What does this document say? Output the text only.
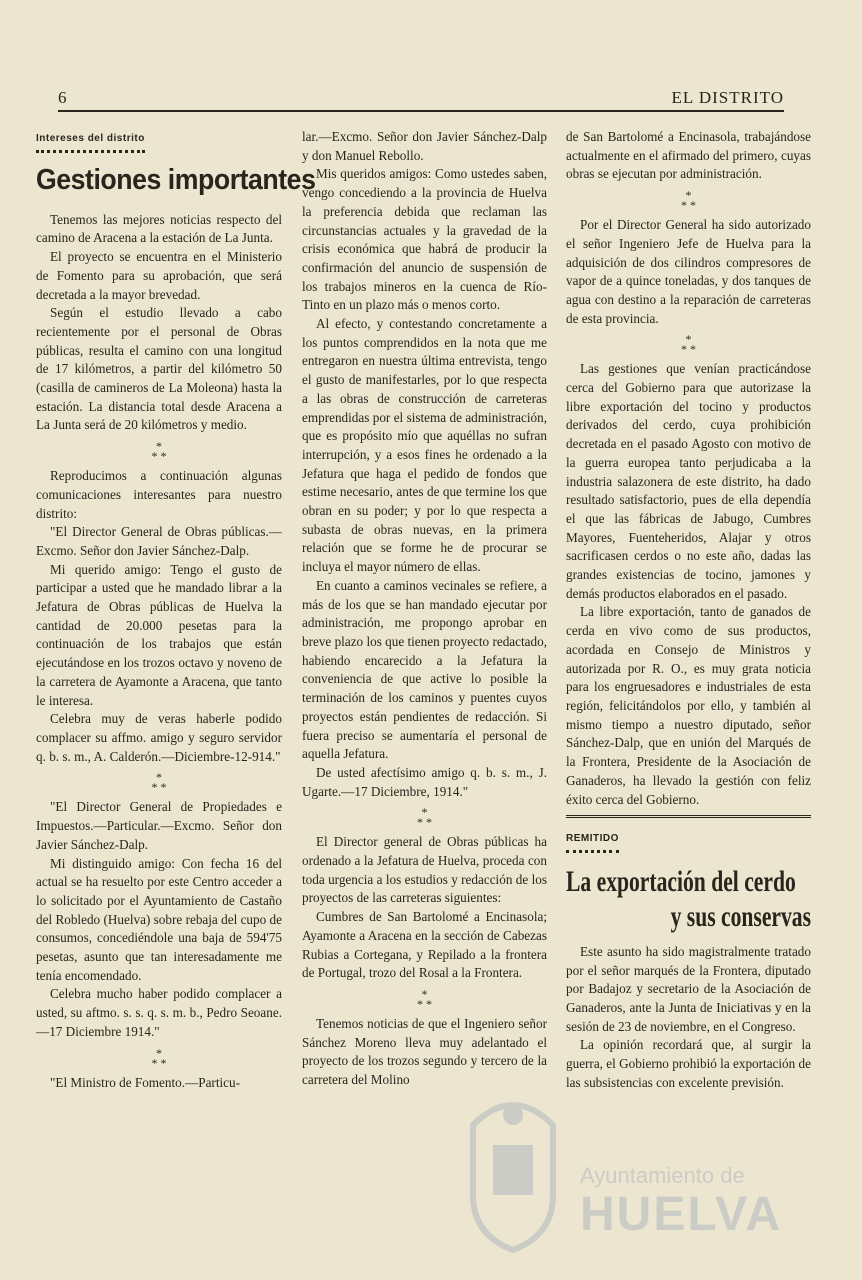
6	EL DISTRITO
Intereses del distrito
Gestiones importantes

Tenemos las mejores noticias respecto del camino de Aracena a la estación de La Junta.

El proyecto se encuentra en el Ministerio de Fomento para su aprobación, que será decretada a la mayor brevedad.

Según el estudio llevado a cabo recientemente por el personal de Obras públicas, resulta el camino con una longitud de 17 kilómetros, a partir del kilómetro 50 (casilla de camineros de La Moleona) hasta la estación. La distancia total desde Aracena a La Junta será de 20 kilómetros y medio.

*
* *

Reproducimos a continuación algunas comunicaciones interesantes para nuestro distrito:

"El Director General de Obras públicas.—Excmo. Señor don Javier Sánchez-Dalp.

Mi querido amigo: Tengo el gusto de participar a usted que he mandado librar a la Jefatura de Obras públicas de Huelva la cantidad de 20.000 pesetas para la continuación de los trabajos que están ejecutándose en los trozos octavo y noveno de la carretera de Ayamonte a Aracena, que tanto le interesa.

Celebra muy de veras haberle podido complacer su affmo. amigo y seguro servidor q. b. s. m., A. Calderón.—Diciembre-12-914."

*
* *

"El Director General de Propiedades e Impuestos.—Particular.—Excmo. Señor don Javier Sánchez-Dalp.

Mi distinguido amigo: Con fecha 16 del actual se ha resuelto por este Centro acceder a lo solicitado por el Ayuntamiento de Castaño del Robledo (Huelva) sobre rebaja del cupo de consumos, concediéndole una baja de 594'75 pesetas, asunto que tan interesadamente me tenía encomendado.

Celebra mucho haber podido complacer a usted, su aftmo. s. s. q. s. m. b., Pedro Seoane.—17 Diciembre 1914."

*
* *

"El Ministro de Fomento.—Particu-

lar.—Excmo. Señor don Javier Sánchez-Dalp y don Manuel Rebollo.

Mis queridos amigos: Como ustedes saben, vengo concediendo a la provincia de Huelva la preferencia debida que reclaman las circunstancias actuales y la gravedad de la crisis económica que habrá de producir la confirmación del anuncio de suspensión de los trabajos mineros en la cuenca de Río-Tinto en un plazo más o menos corto.

Al efecto, y contestando concretamente a los puntos comprendidos en la nota que me entregaron en nuestra última entrevista, tengo el gusto de manifestarles, por lo que respecta a las obras de construcción de carreteras emprendidas por el sistema de administración, que es propósito mío que aquéllas no sufran interrupción, y a esos fines he ordenado a la Jefatura que haga el pedido de fondos que estime necesario, antes de que termine los que obran en su poder; y por lo que respecta a subasta de obras nuevas, en la primera relación que se forme he de procurar se incluya el mayor número de ellas.

En cuanto a caminos vecinales se refiere, a más de los que se han mandado ejecutar por administración, me propongo aprobar en breve plazo los que tienen proyecto redactado, habiendo encarecido a la Jefatura la conveniencia de que active lo posible la terminación de los caminos y puentes cuyos proyectos están pendientes de redacción. Si fuera preciso se aumentaría el personal de aquella Jefatura.

De usted afectísimo amigo q. b. s. m., J. Ugarte.—17 Diciembre, 1914."

*
* *

El Director general de Obras públicas ha ordenado a la Jefatura de Huelva, proceda con toda urgencia a los estudios y redacción de los proyectos de las carreteras siguientes:

Cumbres de San Bartolomé a Encinasola; Ayamonte a Aracena en la sección de Cabezas Rubias a Cortegana, y Repilado a la frontera de Portugal, trozo del Rosal a la Frontera.

*
* *

Tenemos noticias de que el Ingeniero señor Sánchez Moreno lleva muy adelantado el proyecto de los trozos segundo y tercero de la carretera del Molino

de San Bartolomé a Encinasola, trabajándose actualmente en el afirmado del primero, cuyas obras se ejecutan por administración.

*
* *

Por el Director General ha sido autorizado el señor Ingeniero Jefe de Huelva para la adquisición de dos cilindros compresores de vapor de a quince toneladas, y dos tanques de agua con destino a la reparación de carreteras de esta provincia.

*
* *

Las gestiones que venían practicándose cerca del Gobierno para que autorizase la libre exportación del tocino y productos derivados del cerdo, cuya prohibición decretada en el pasado Agosto con motivo de la guerra europea tanto perjudicaba a la industria salazonera de este distrito, ha dado resultado satisfactorio, pues de ella dependía el que las fábricas de Jabugo, Cumbres Mayores, Fuenteheridos, Alajar y otros sacrificasen cerdos o no este año, dadas las grandes existencias de tocino, jamones y demás productos elaborados en el pasado.

La libre exportación, tanto de ganados de cerda en vivo como de sus productos, acordada en Consejo de Ministros y autorizada por R. O., es muy grata noticia para los engruesadores e industriales de esta región, felicitándolos por ello, y también al mismo tiempo a nuestro diputado, señor Sánchez-Dalp, que en unión del Marqués de la Frontera, Presidente de la Asociación de Ganaderos, ha llevado la gestión con feliz éxito cerca del Gobierno.

REMITIDO
La exportación del cerdo
y sus conservas

Este asunto ha sido magistralmente tratado por el señor marqués de la Frontera, diputado por Badajoz y secretario de la Asociación de Ganaderos, ante la Junta de Iniciativas y en la sesión de 23 de noviembre, en el Congreso.

La opinión recordará que, al surgir la guerra, el Gobierno prohibió la exportación de las subsistencias con excelente previsión.

Ayuntamiento de
HUELVA
